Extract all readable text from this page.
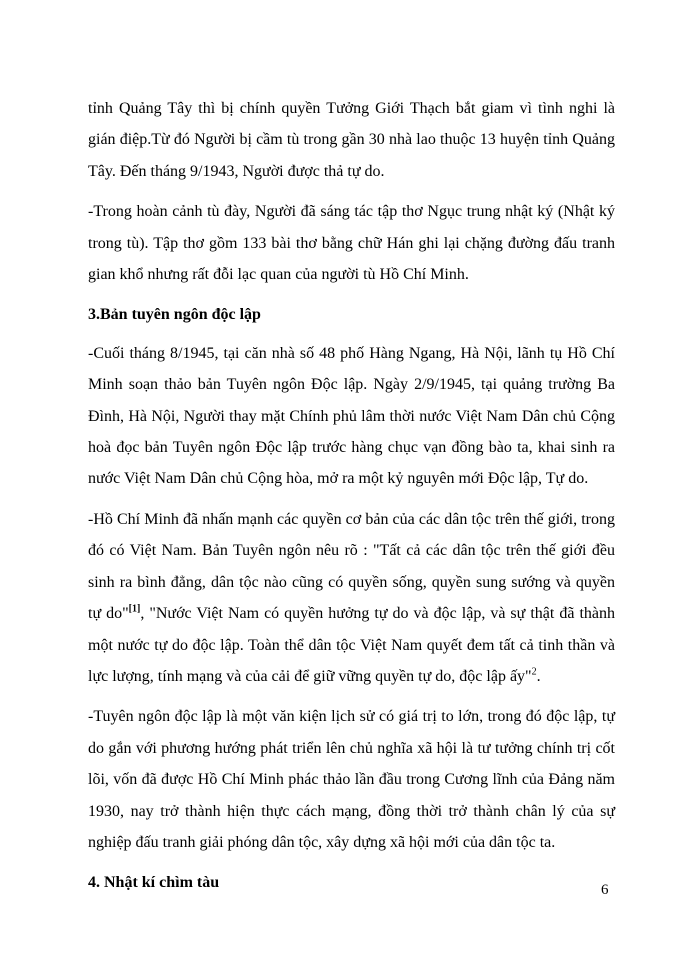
tỉnh Quảng Tây thì bị chính quyền Tưởng Giới Thạch bắt giam vì tình nghi là gián điệp.Từ đó Người bị cầm tù trong gần 30 nhà lao thuộc 13 huyện tỉnh Quảng Tây. Đến tháng 9/1943, Người được thả tự do.

-Trong hoàn cảnh tù đày, Người đã sáng tác tập thơ Ngục trung nhật ký (Nhật ký trong tù). Tập thơ gồm 133 bài thơ bằng chữ Hán ghi lại chặng đường đấu tranh gian khổ nhưng rất đỗi lạc quan của người tù Hồ Chí Minh.

3.Bản tuyên ngôn độc lập

-Cuối tháng 8/1945, tại căn nhà số 48 phố Hàng Ngang, Hà Nội, lãnh tụ Hồ Chí Minh soạn thảo bản Tuyên ngôn Độc lập. Ngày 2/9/1945, tại quảng trường Ba Đình, Hà Nội, Người thay mặt Chính phủ lâm thời nước Việt Nam Dân chủ Cộng hoà đọc bản Tuyên ngôn Độc lập trước hàng chục vạn đồng bào ta, khai sinh ra nước Việt Nam Dân chủ Cộng hòa, mở ra một kỷ nguyên mới Độc lập, Tự do.

-Hồ Chí Minh đã nhấn mạnh các quyền cơ bản của các dân tộc trên thế giới, trong đó có Việt Nam. Bản Tuyên ngôn nêu rõ : "Tất cả các dân tộc trên thế giới đều sinh ra bình đẳng, dân tộc nào cũng có quyền sống, quyền sung sướng và quyền tự do"[1], "Nước Việt Nam có quyền hưởng tự do và độc lập, và sự thật đã thành một nước tự do độc lập. Toàn thể dân tộc Việt Nam quyết đem tất cả tinh thần và lực lượng, tính mạng và của cải để giữ vững quyền tự do, độc lập ấy"$^2$.

-Tuyên ngôn độc lập là một văn kiện lịch sử có giá trị to lớn, trong đó độc lập, tự do gắn với phương hướng phát triển lên chủ nghĩa xã hội là tư tưởng chính trị cốt lõi, vốn đã được Hồ Chí Minh phác thảo lần đầu trong Cương lĩnh của Đảng năm 1930, nay trở thành hiện thực cách mạng, đồng thời trở thành chân lý của sự nghiệp đấu tranh giải phóng dân tộc, xây dựng xã hội mới của dân tộc ta.

4. Nhật kí chìm tàu	6
